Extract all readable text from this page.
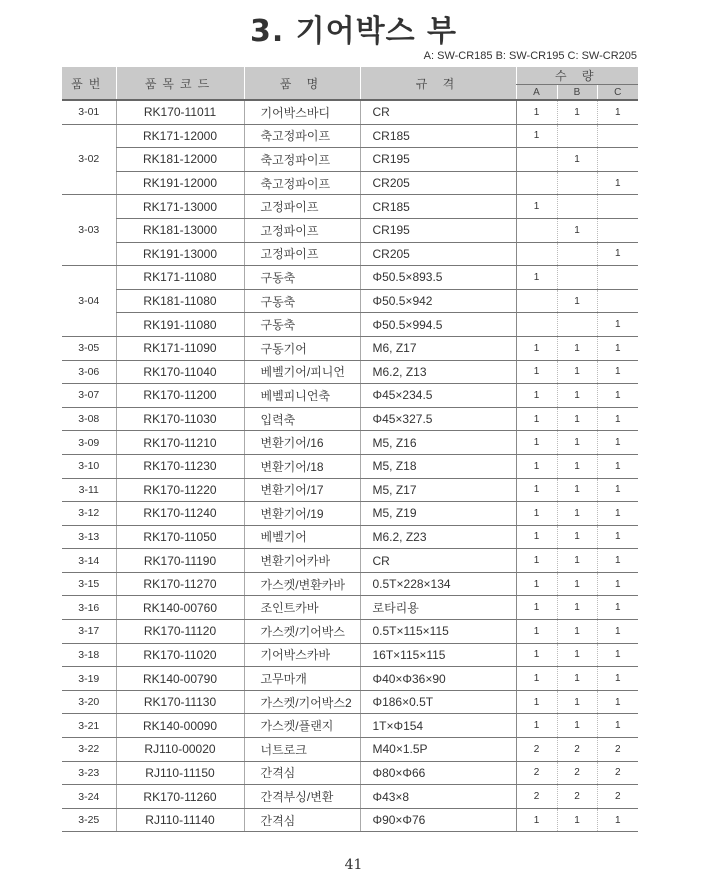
3. 기어박스 부
A: SW-CR185 B: SW-CR195 C: SW-CR205
품번	품목코드	품 명	규 격	수 량		
				A	B	C
3-01	RK170-11011	기어박스바디	CR	1	1	1
3-02	RK171-12000	축고정파이프	CR185	1		
	RK181-12000	축고정파이프	CR195		1	
	RK191-12000	축고정파이프	CR205			1
3-03	RK171-13000	고정파이프	CR185	1		
	RK181-13000	고정파이프	CR195		1	
	RK191-13000	고정파이프	CR205			1
3-04	RK171-11080	구동축	Φ50.5×893.5	1		
	RK181-11080	구동축	Φ50.5×942		1	
	RK191-11080	구동축	Φ50.5×994.5			1
3-05	RK171-11090	구동기어	M6, Z17	1	1	1
3-06	RK170-11040	베벨기어/피니언	M6.2, Z13	1	1	1
3-07	RK170-11200	베벨피니언축	Φ45×234.5	1	1	1
3-08	RK170-11030	입력축	Φ45×327.5	1	1	1
3-09	RK170-11210	변환기어/16	M5, Z16	1	1	1
3-10	RK170-11230	변환기어/18	M5, Z18	1	1	1
3-11	RK170-11220	변환기어/17	M5, Z17	1	1	1
3-12	RK170-11240	변환기어/19	M5, Z19	1	1	1
3-13	RK170-11050	베벨기어	M6.2, Z23	1	1	1
3-14	RK170-11190	변환기어카바	CR	1	1	1
3-15	RK170-11270	가스켓/변환카바	0.5T×228×134	1	1	1
3-16	RK140-00760	조인트카바	로타리용	1	1	1
3-17	RK170-11120	가스켓/기어박스	0.5T×115×115	1	1	1
3-18	RK170-11020	기어박스카바	16T×115×115	1	1	1
3-19	RK140-00790	고무마개	Φ40×Φ36×90	1	1	1
3-20	RK170-11130	가스켓/기어박스2	Φ186×0.5T	1	1	1
3-21	RK140-00090	가스켓/플랜지	1T×Φ154	1	1	1
3-22	RJ110-00020	너트로크	M40×1.5P	2	2	2
3-23	RJ110-11150	간격심	Φ80×Φ66	2	2	2
3-24	RK170-11260	간격부싱/변환	Φ43×8	2	2	2
3-25	RJ110-11140	간격심	Φ90×Φ76	1	1	1
41
